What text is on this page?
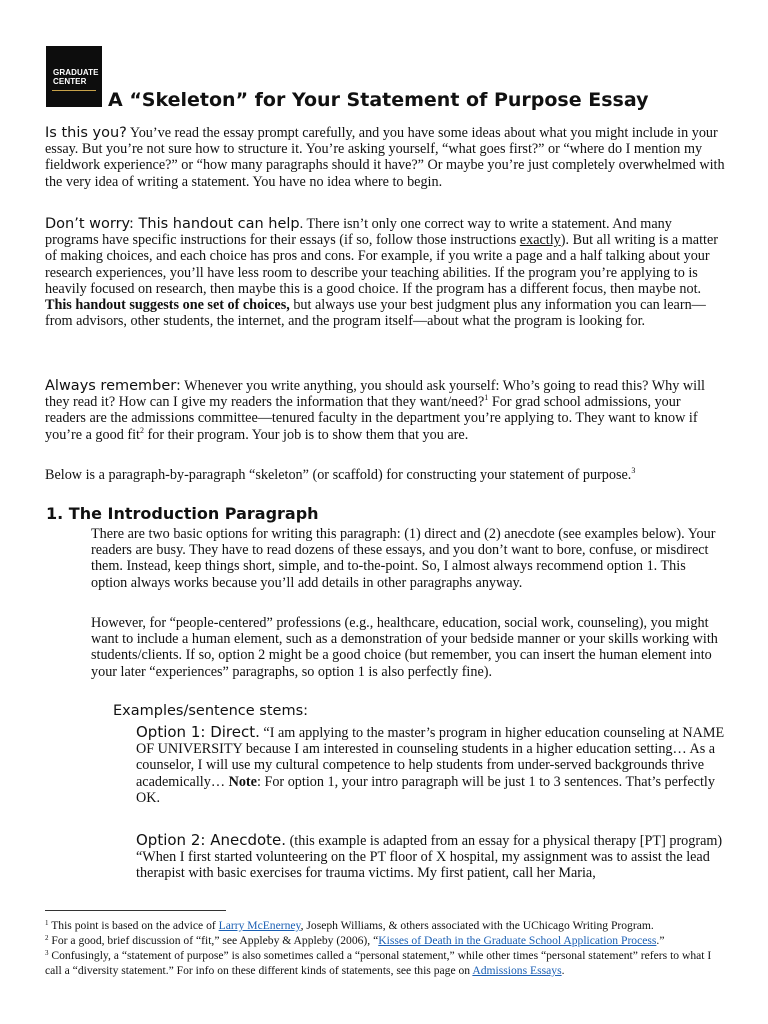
GRADUATE
CENTER
A “Skeleton” for Your Statement of Purpose Essay
Is this you? You’ve read the essay prompt carefully, and you have some ideas about what you might include in your essay. But you’re not sure how to structure it. You’re asking yourself, “what goes first?” or “where do I mention my fieldwork experience?” or “how many paragraphs should it have?” Or maybe you’re just completely overwhelmed with the very idea of writing a statement. You have no idea where to begin.
Don’t worry: This handout can help. There isn’t only one correct way to write a statement. And many programs have specific instructions for their essays (if so, follow those instructions exactly). But all writing is a matter of making choices, and each choice has pros and cons. For example, if you write a page and a half talking about your research experiences, you’ll have less room to describe your teaching abilities. If the program you’re applying to is heavily focused on research, then maybe this is a good choice. If the program has a different focus, then maybe not. This handout suggests one set of choices, but always use your best judgment plus any information you can learn—from advisors, other students, the internet, and the program itself—about what the program is looking for.
Always remember: Whenever you write anything, you should ask yourself: Who’s going to read this? Why will they read it? How can I give my readers the information that they want/need?$^1$ For grad school admissions, your readers are the admissions committee—tenured faculty in the department you’re applying to. They want to know if you’re a good fit$^2$ for their program. Your job is to show them that you are.
Below is a paragraph-by-paragraph “skeleton” (or scaffold) for constructing your statement of purpose.$^3$
1. The Introduction Paragraph
There are two basic options for writing this paragraph: (1) direct and (2) anecdote (see examples below). Your readers are busy. They have to read dozens of these essays, and you don’t want to bore, confuse, or misdirect them. Instead, keep things short, simple, and to-the-point. So, I almost always recommend option 1. This option always works because you’ll add details in other paragraphs anyway.
However, for “people-centered” professions (e.g., healthcare, education, social work, counseling), you might want to include a human element, such as a demonstration of your bedside manner or your skills working with students/clients. If so, option 2 might be a good choice (but remember, you can insert the human element into your later “experiences” paragraphs, so option 1 is also perfectly fine).
Examples/sentence stems:
Option 1: Direct. “I am applying to the master’s program in higher education counseling at NAME OF UNIVERSITY because I am interested in counseling students in a higher education setting… As a counselor, I will use my cultural competence to help students from under-served backgrounds thrive academically… Note: For option 1, your intro paragraph will be just 1 to 3 sentences. That’s perfectly OK.
Option 2: Anecdote. (this example is adapted from an essay for a physical therapy [PT] program) “When I first started volunteering on the PT floor of X hospital, my assignment was to assist the lead therapist with basic exercises for trauma victims. My first patient, call her Maria,
$^1$ This point is based on the advice of Larry McEnerney, Joseph Williams, & others associated with the UChicago Writing Program.
$^2$ For a good, brief discussion of “fit,” see Appleby & Appleby (2006), “Kisses of Death in the Graduate School Application Process.”
$^3$ Confusingly, a “statement of purpose” is also sometimes called a “personal statement,” while other times “personal statement” refers to what I call a “diversity statement.” For info on these different kinds of statements, see this page on Admissions Essays.
